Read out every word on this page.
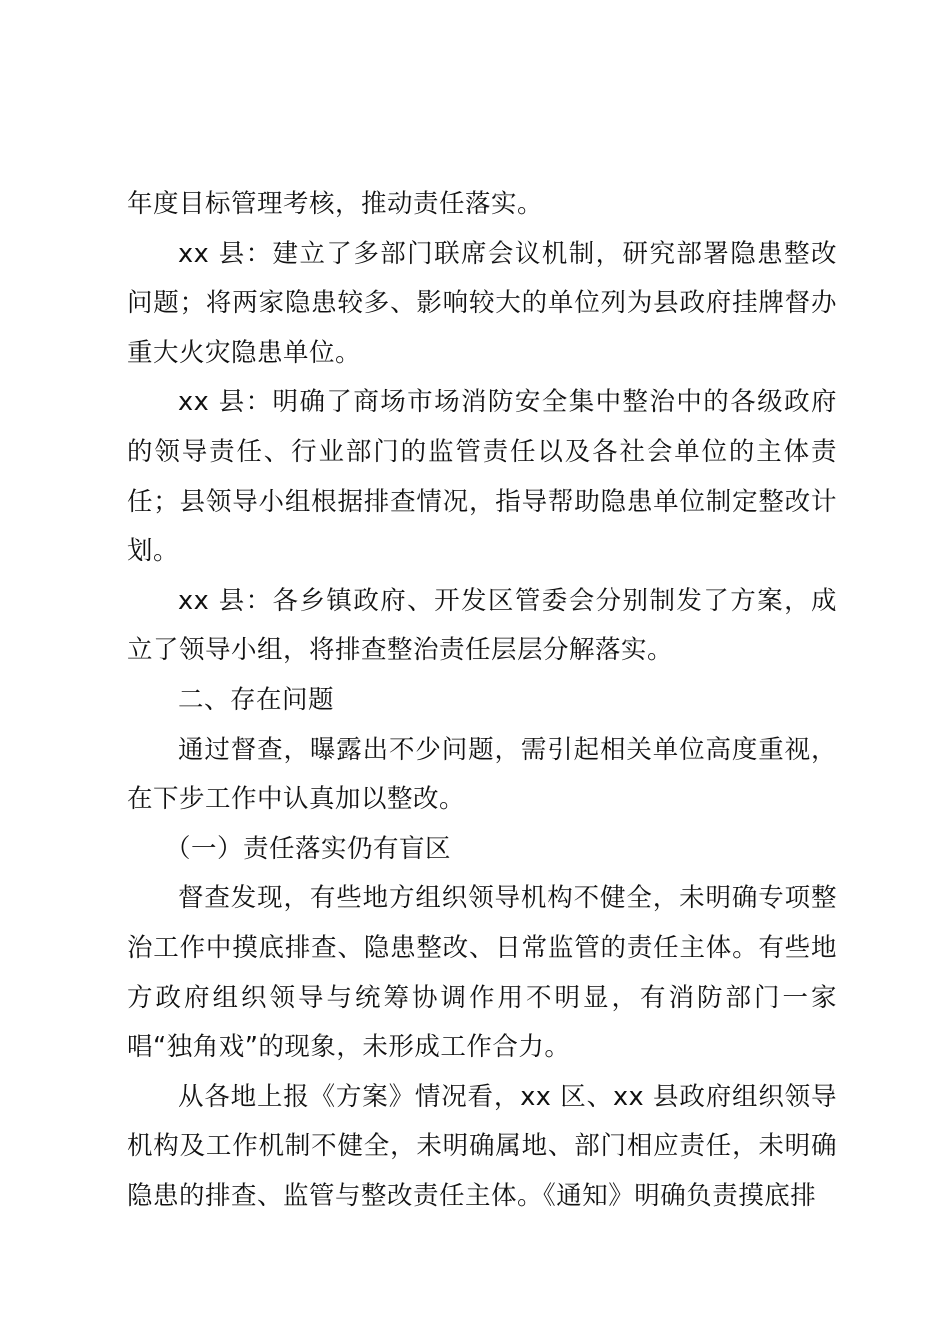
年度目标管理考核，推动责任落实。

xx 县：建立了多部门联席会议机制，研究部署隐患整改问题；将两家隐患较多、影响较大的单位列为县政府挂牌督办重大火灾隐患单位。

xx 县：明确了商场市场消防安全集中整治中的各级政府的领导责任、行业部门的监管责任以及各社会单位的主体责任；县领导小组根据排查情况，指导帮助隐患单位制定整改计划。

xx 县：各乡镇政府、开发区管委会分别制发了方案，成立了领导小组，将排查整治责任层层分解落实。

二、存在问题

通过督查，曝露出不少问题，需引起相关单位高度重视，在下步工作中认真加以整改。

（一）责任落实仍有盲区

督查发现，有些地方组织领导机构不健全，未明确专项整治工作中摸底排查、隐患整改、日常监管的责任主体。有些地方政府组织领导与统筹协调作用不明显，有消防部门一家唱“独角戏”的现象，未形成工作合力。

从各地上报《方案》情况看，xx 区、xx 县政府组织领导机构及工作机制不健全，未明确属地、部门相应责任，未明确隐患的排查、监管与整改责任主体。《通知》明确负责摸底排
